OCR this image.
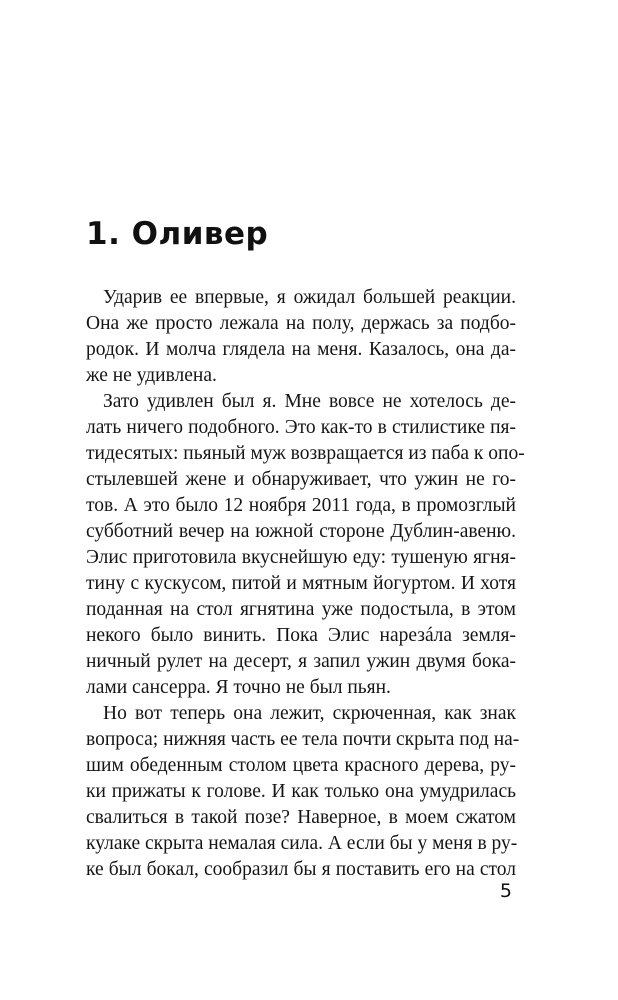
1. Оливер
Ударив ее впервые, я ожидал большей реакции.
Она же просто лежала на полу, держась за подбо-
родок. И молча глядела на меня. Казалось, она да-
же не удивлена.
Зато удивлен был я. Мне вовсе не хотелось де-
лать ничего подобного. Это как-то в стилистике пя-
тидесятых: пьяный муж возвращается из паба к опо-
стылевшей жене и обнаруживает, что ужин не го-
тов. А это было 12 ноября 2011 года, в промозглый
субботний вечер на южной стороне Дублин-авеню.
Элис приготовила вкуснейшую еду: тушеную ягня-
тину с кускусом, питой и мятным йогуртом. И хотя
поданная на стол ягнятина уже подостыла, в этом
некого было винить. Пока Элис нарезáла земля-
ничный рулет на десерт, я запил ужин двумя бока-
лами сансерра. Я точно не был пьян.
Но вот теперь она лежит, скрюченная, как знак
вопроса; нижняя часть ее тела почти скрыта под на-
шим обеденным столом цвета красного дерева, ру-
ки прижаты к голове. И как только она умудрилась
свалиться в такой позе? Наверное, в моем сжатом
кулаке скрыта немалая сила. А если бы у меня в ру-
ке был бокал, сообразил бы я поставить его на стол
5
